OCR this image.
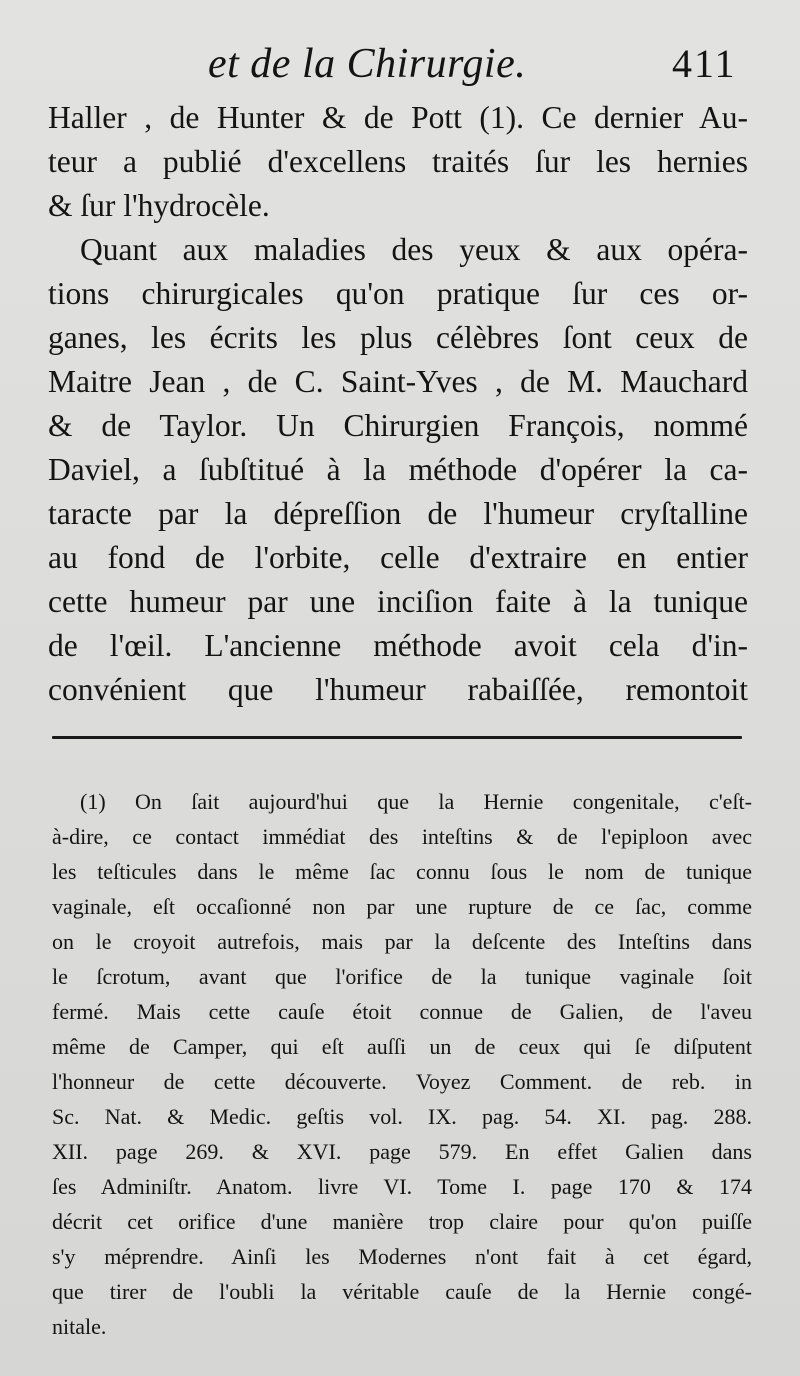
et de la Chirurgie.	411
Haller , de Hunter & de Pott (1). Ce dernier Au-
teur a publié d'excellens traités ſur les hernies
& ſur l'hydrocèle.
Quant aux maladies des yeux & aux opéra-
tions chirurgicales qu'on pratique ſur ces or-
ganes, les écrits les plus célèbres ſont ceux de
Maitre Jean , de C. Saint-Yves , de M. Mauchard
& de Taylor. Un Chirurgien François, nommé
Daviel, a ſubſtitué à la méthode d'opérer la ca-
taracte par la dépreſſion de l'humeur cryſtalline
au fond de l'orbite, celle d'extraire en entier
cette humeur par une inciſion faite à la tunique
de l'œil. L'ancienne méthode avoit cela d'in-
convénient que l'humeur rabaiſſée, remontoit
(1) On ſait aujourd'hui que la Hernie congenitale, c'eſt-
à-dire, ce contact immédiat des inteſtins & de l'epiploon avec
les teſticules dans le même ſac connu ſous le nom de tunique
vaginale, eſt occaſionné non par une rupture de ce ſac, comme
on le croyoit autrefois, mais par la deſcente des Inteſtins dans
le ſcrotum, avant que l'orifice de la tunique vaginale ſoit
fermé. Mais cette cauſe étoit connue de Galien, de l'aveu
même de Camper, qui eſt auſſi un de ceux qui ſe diſputent
l'honneur de cette découverte. Voyez Comment. de reb. in
Sc. Nat. & Medic. geſtis vol. IX. pag. 54. XI. pag. 288.
XII. page 269. & XVI. page 579. En effet Galien dans
ſes Adminiſtr. Anatom. livre VI. Tome I. page 170 & 174
décrit cet orifice d'une manière trop claire pour qu'on puiſſe
s'y méprendre. Ainſi les Modernes n'ont fait à cet égard,
que tirer de l'oubli la véritable cauſe de la Hernie congé-
nitale.
